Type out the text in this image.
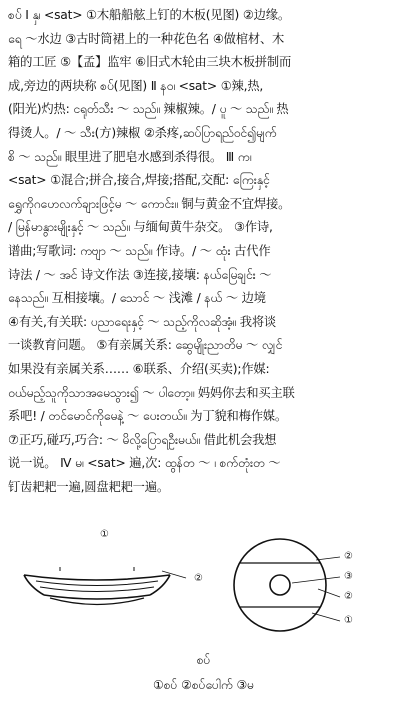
စပ် Ⅰ နှ၊ <sat> ①木船船舷上钉的木板(见图) ②边缘。
ရေ ～水边 ③古时筒裙上的一种花色名 ④做棺材、木
箱的工匠 ⑤【孟】监牢 ⑥旧式木轮由三块木板拼制而
成,旁边的两块称 စပ်(见图) Ⅱ နဝ၊ <sat> ①辣,热,
(阳光)灼热: ငရုတ်သီး ～ သည်။ 辣椒辣。/ ပူ ～ သည်။ 热
得烫人。/ ～ သီး(方)辣椒 ②杀疼,ဆပ်ပြာရည်ဝင်၍မျက်
စိ ～ သည်။ 眼里进了肥皂水感到杀得很。 Ⅲ က၊
<sat> ①混合;拼合,接合,焊接;搭配,交配: ကြေးနှင့်
ရွှေကိုဂဟေလက်ချားဖြင့်မ ～ ကောင်း။ 铜与黄金不宜焊接。
/ မြန်မာနွားမျိုးနှင့် ～ သည်။ 与缅甸黄牛杂交。 ③作诗,
谱曲;写歌词: ကဗျာ ～ သည်။ 作诗。/ ～ ထုံး 古代作
诗法 / ～ အင် 诗文作法 ③连接,接壤: နယ်မြေချင်း ～
နေသည်။ 互相接壤。/ သောင် ～ 浅滩 / နယ် ～ 边境
④有关,有关联: ပညာရေးနှင့် ～ သည့်ကိုလဆိုအံ့။ 我将谈
一谈教育问题。 ⑤有亲属关系: ဆွေမျိုးညာတိမ ～ လျှင်
如果没有亲属关系…… ⑥联系、介绍(买卖);作媒:
ဝယ်မည့်သူကိုသာအမေသွား၍ ～ ပါတော့။ 妈妈你去和买主联
系吧! / တင်မောင်ကိုမေနဲ့ ～ ပေးတယ်။ 为丁貌和梅作媒。
⑦正巧,碰巧,巧合: ～ မိလို့ပြောရဦးမယ်။ 借此机会我想
说一说。 Ⅳ မ၊ <sat> 遍,次: ထွန်တ ～ ၊ စက်တုံးတ ～
钉齿耙耙一遍,圆盘耙耙一遍。
①
②
②
③
②
①
စပ်
①စပ် ②စပ်ပေါက် ③မ
